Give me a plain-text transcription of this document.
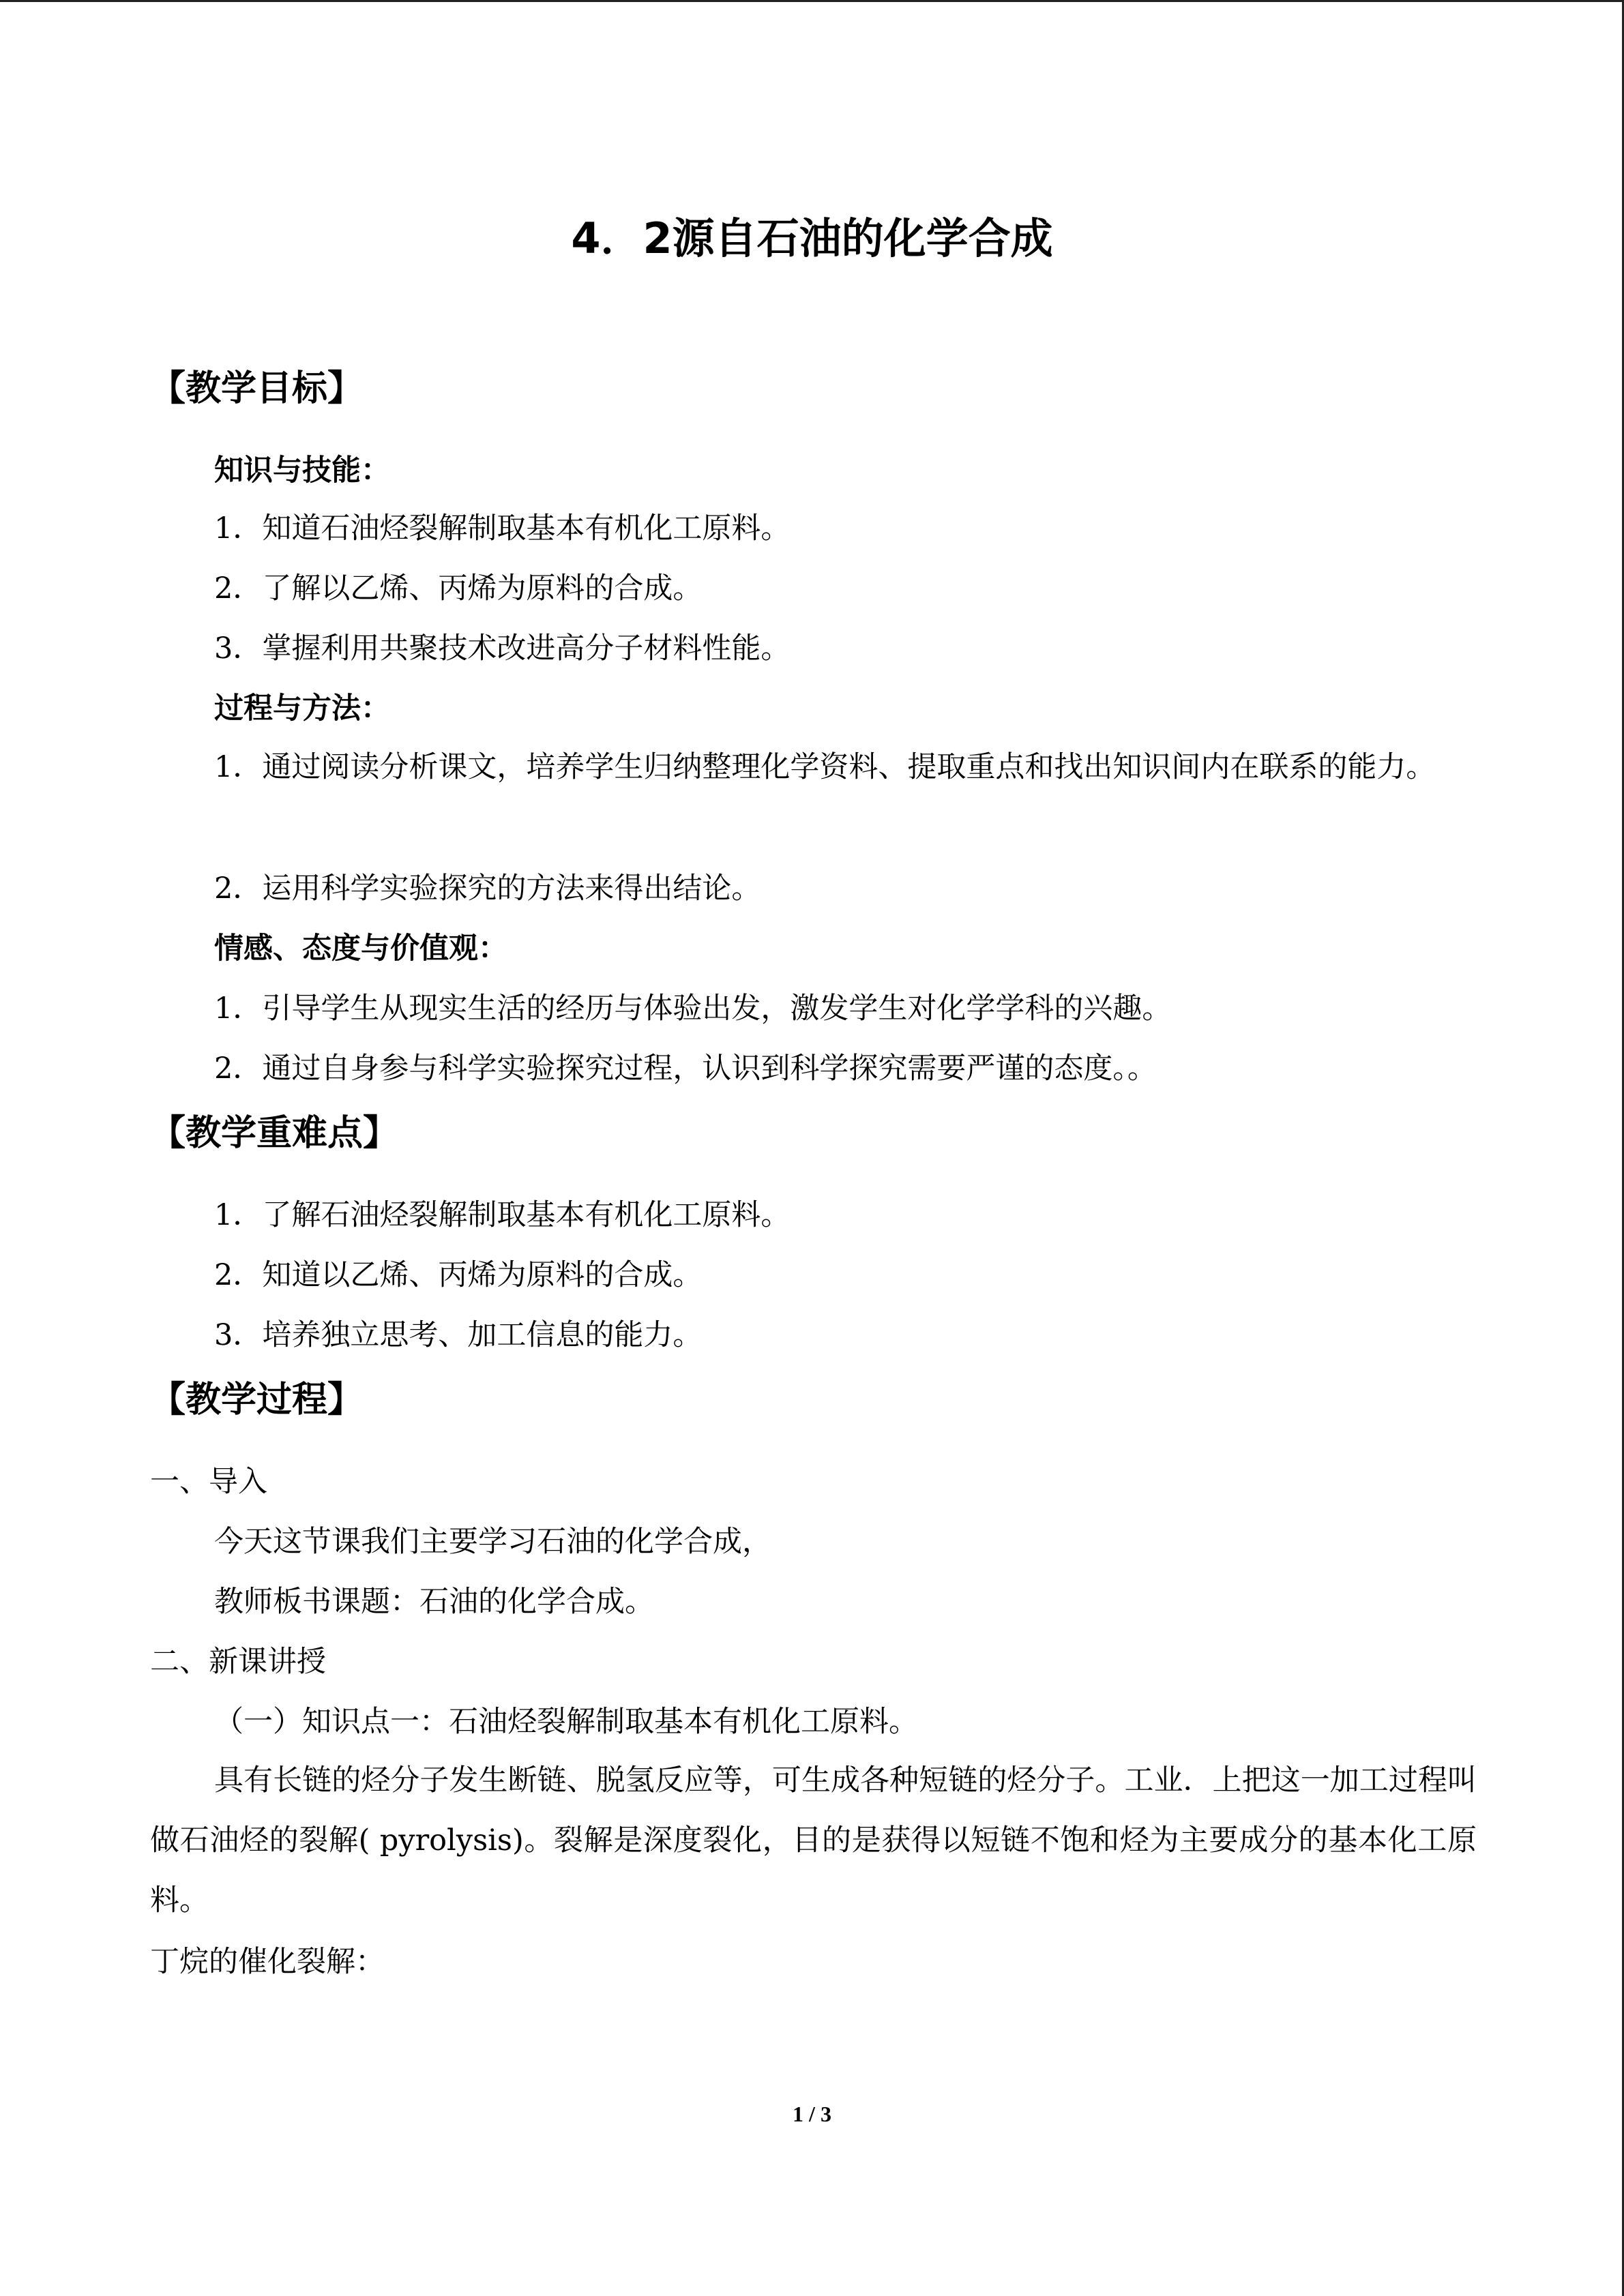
4．2源自石油的化学合成
【教学目标】
知识与技能：
1．知道石油烃裂解制取基本有机化工原料。
2．了解以乙烯、丙烯为原料的合成。
3．掌握利用共聚技术改进高分子材料性能。
过程与方法：
1．通过阅读分析课文，培养学生归纳整理化学资料、提取重点和找出知识间内在联系的能力。
2．运用科学实验探究的方法来得出结论。
情感、态度与价值观：
1．引导学生从现实生活的经历与体验出发，激发学生对化学学科的兴趣。
2．通过自身参与科学实验探究过程，认识到科学探究需要严谨的态度。。
【教学重难点】
1．了解石油烃裂解制取基本有机化工原料。
2．知道以乙烯、丙烯为原料的合成。
3．培养独立思考、加工信息的能力。
【教学过程】
一、导入
今天这节课我们主要学习石油的化学合成，
教师板书课题：石油的化学合成。
二、新课讲授
（一）知识点一：石油烃裂解制取基本有机化工原料。
具有长链的烃分子发生断链、脱氢反应等，可生成各种短链的烃分子。工业．上把这一加工过程叫做石油烃的裂解( pyrolysis)。裂解是深度裂化，目的是获得以短链不饱和烃为主要成分的基本化工原料。
丁烷的催化裂解：
1 / 3
